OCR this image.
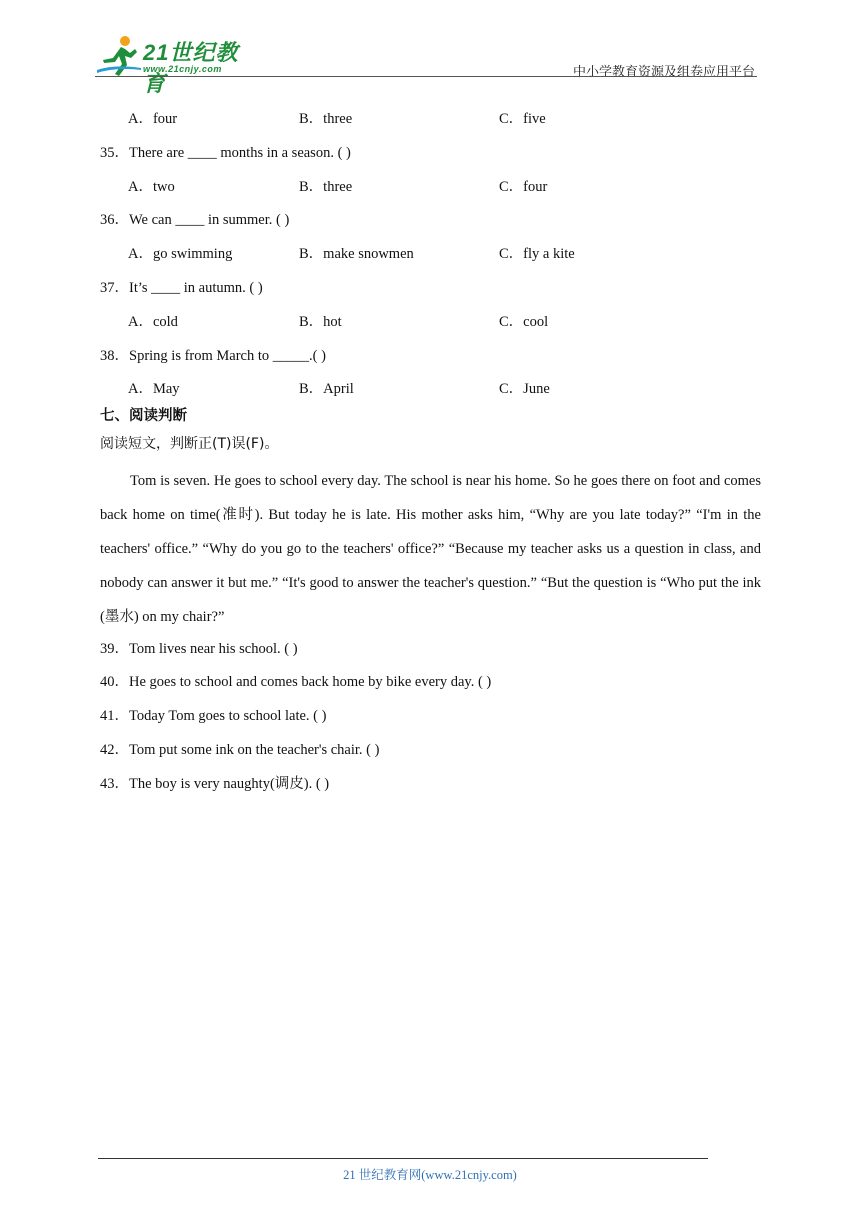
21世纪教育
www.21cnjy.com	中小学教育资源及组卷应用平台
A．four	B．three	C．five
35．There are ____ months in a season. ( )
A．two	B．three	C．four
36．We can ____ in summer. ( )
A．go swimming	B．make snowmen	C．fly a kite
37．It’s ____ in autumn. ( )
A．cold	B．hot	C．cool
38．Spring is from March to _____.( )
A．May	B．April	C．June
七、阅读判断
阅读短文，判断正(T)误(F)。
Tom is seven. He goes to school every day. The school is near his home. So he goes there on foot and comes back home on time(准时). But today he is late. His mother asks him, “Why are you late today?” “I'm in the teachers' office.” “Why do you go to the teachers' office?” “Because my teacher asks us a question in class, and nobody can answer it but me.” “It's good to answer the teacher's question.” “But the question is “Who put the ink (墨水) on my chair?”
39．Tom lives near his school. ( )
40．He goes to school and comes back home by bike every day. ( )
41．Today Tom goes to school late. ( )
42．Tom put some ink on the teacher's chair. ( )
43．The boy is very naughty(调皮). ( )
21 世纪教育网(www.21cnjy.com)
